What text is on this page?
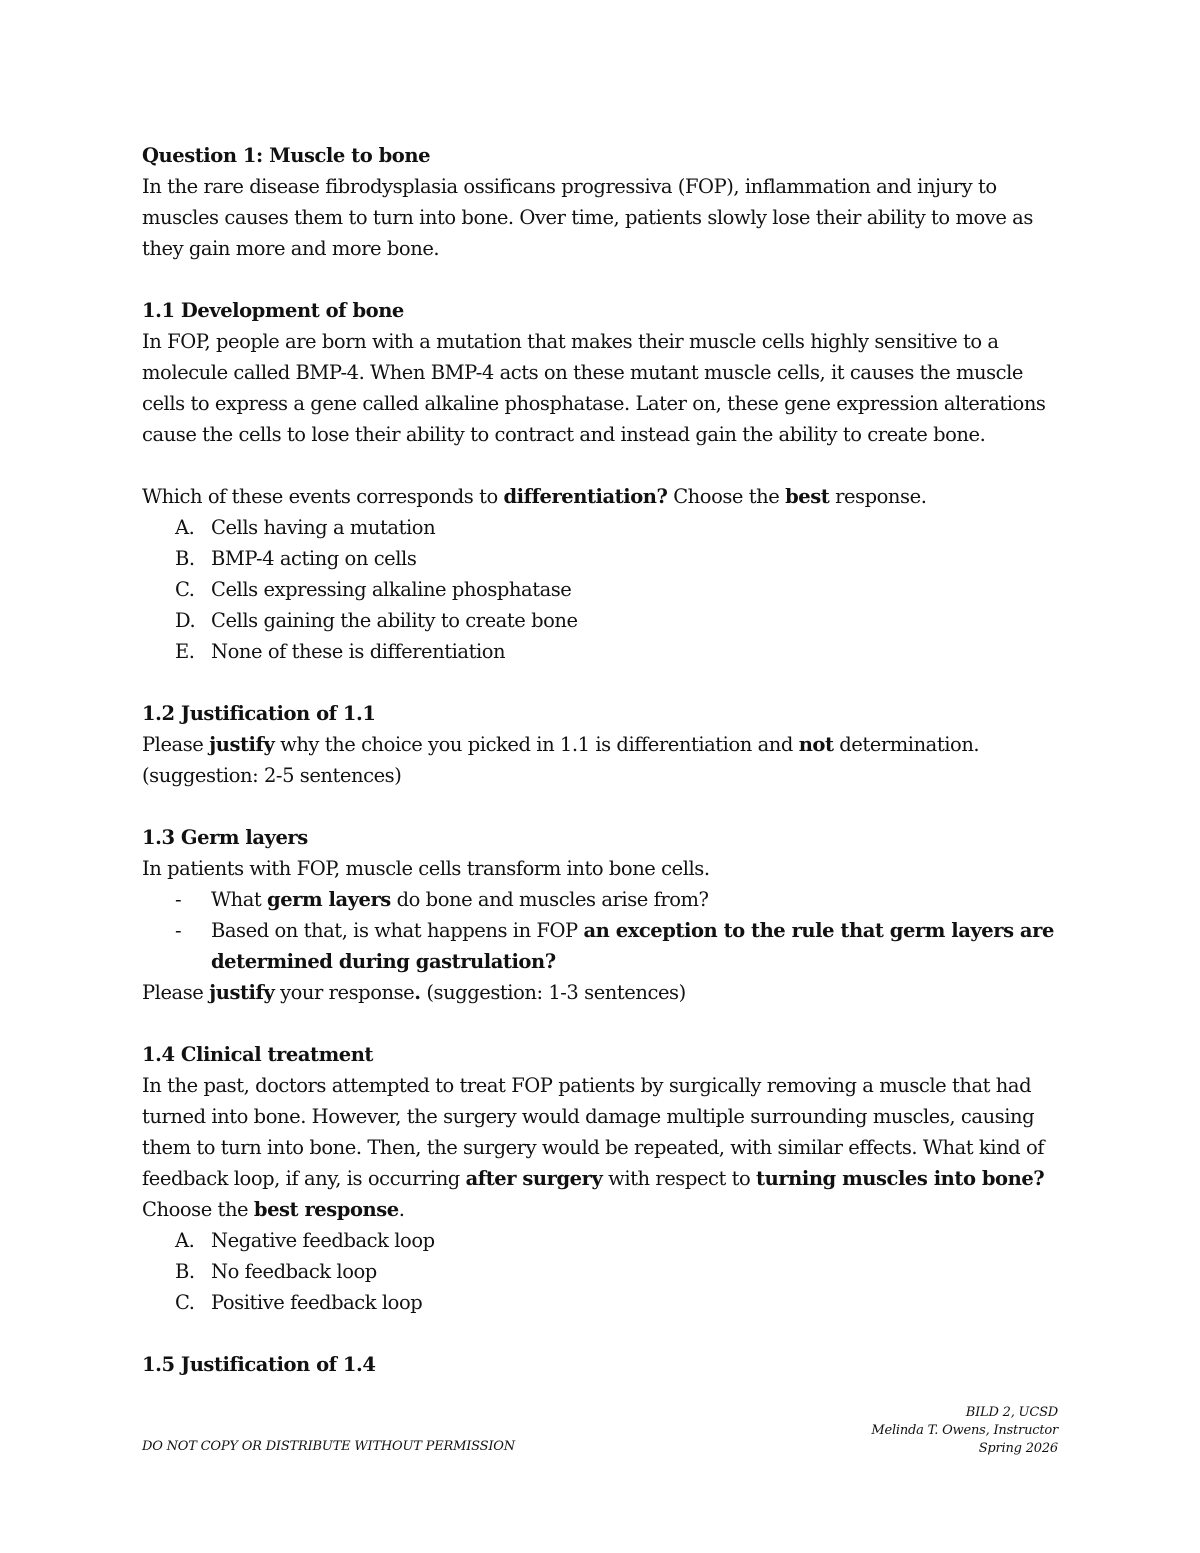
Question 1: Muscle to bone
In the rare disease fibrodysplasia ossificans progressiva (FOP), inflammation and injury to
muscles causes them to turn into bone. Over time, patients slowly lose their ability to move as
they gain more and more bone.
1.1 Development of bone
In FOP, people are born with a mutation that makes their muscle cells highly sensitive to a
molecule called BMP-4. When BMP-4 acts on these mutant muscle cells, it causes the muscle
cells to express a gene called alkaline phosphatase. Later on, these gene expression alterations
cause the cells to lose their ability to contract and instead gain the ability to create bone.
Which of these events corresponds to differentiation? Choose the best response.
A. Cells having a mutation
B. BMP-4 acting on cells
C. Cells expressing alkaline phosphatase
D. Cells gaining the ability to create bone
E. None of these is differentiation
1.2 Justification of 1.1
Please justify why the choice you picked in 1.1 is differentiation and not determination.
(suggestion: 2-5 sentences)
1.3 Germ layers
In patients with FOP, muscle cells transform into bone cells.
-	What germ layers do bone and muscles arise from?
-	Based on that, is what happens in FOP an exception to the rule that germ layers are
determined during gastrulation?
Please justify your response. (suggestion: 1-3 sentences)
1.4 Clinical treatment
In the past, doctors attempted to treat FOP patients by surgically removing a muscle that had
turned into bone. However, the surgery would damage multiple surrounding muscles, causing
them to turn into bone. Then, the surgery would be repeated, with similar effects. What kind of
feedback loop, if any, is occurring after surgery with respect to turning muscles into bone?
Choose the best response.
A. Negative feedback loop
B. No feedback loop
C. Positive feedback loop
1.5 Justification of 1.4
DO NOT COPY OR DISTRIBUTE WITHOUT PERMISSION
BILD 2, UCSD
Melinda T. Owens, Instructor
Spring 2026
